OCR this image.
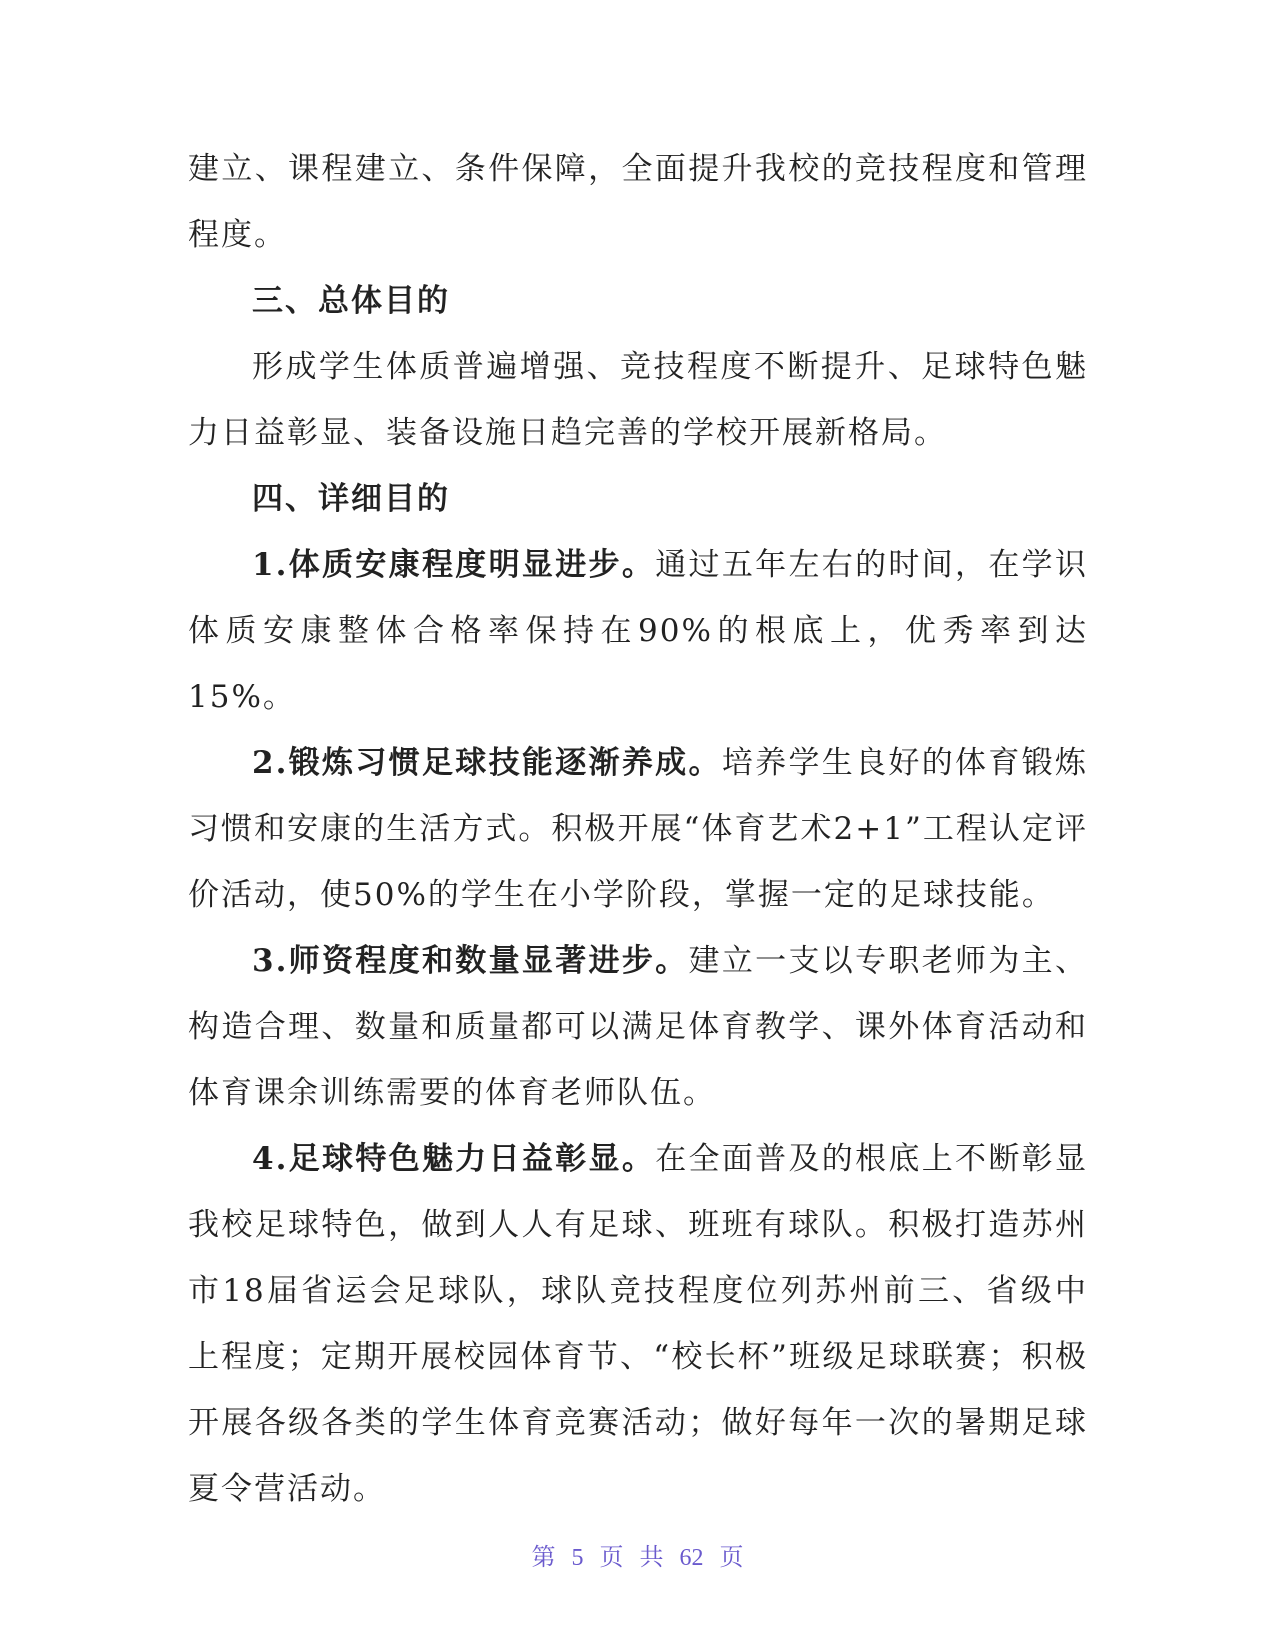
建立、课程建立、条件保障，全面提升我校的竞技程度和管理程度。

三、总体目的

形成学生体质普遍增强、竞技程度不断提升、足球特色魅力日益彰显、装备设施日趋完善的学校开展新格局。

四、详细目的

1.体质安康程度明显进步。通过五年左右的时间，在学识体质安康整体合格率保持在90%的根底上，优秀率到达15%。

2.锻炼习惯足球技能逐渐养成。培养学生良好的体育锻炼习惯和安康的生活方式。积极开展“体育艺术2+1”工程认定评价活动，使50%的学生在小学阶段，掌握一定的足球技能。

3.师资程度和数量显著进步。建立一支以专职老师为主、构造合理、数量和质量都可以满足体育教学、课外体育活动和体育课余训练需要的体育老师队伍。

4.足球特色魅力日益彰显。在全面普及的根底上不断彰显我校足球特色，做到人人有足球、班班有球队。积极打造苏州市18届省运会足球队，球队竞技程度位列苏州前三、省级中上程度；定期开展校园体育节、“校长杯”班级足球联赛；积极开展各级各类的学生体育竞赛活动；做好每年一次的暑期足球夏令营活动。

第 5 页 共 62 页
